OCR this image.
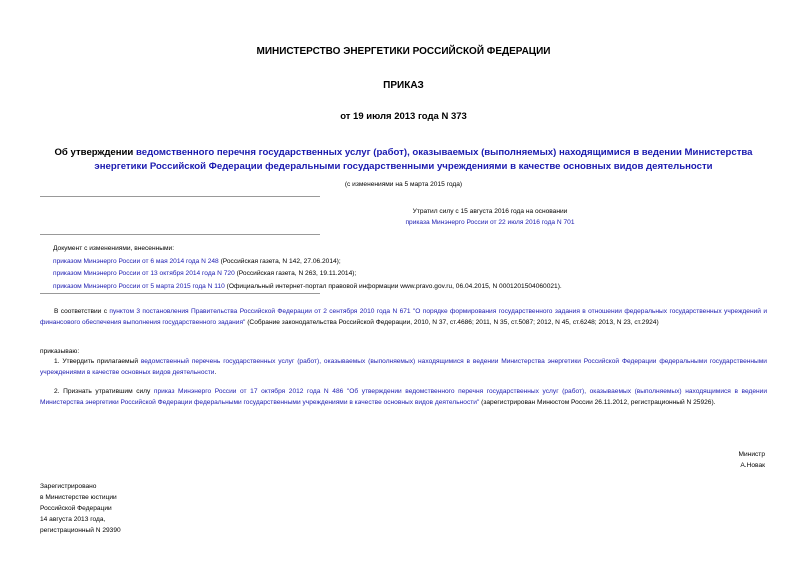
МИНИСТЕРСТВО ЭНЕРГЕТИКИ РОССИЙСКОЙ ФЕДЕРАЦИИ
ПРИКАЗ
от 19 июля 2013 года N 373
Об утверждении ведомственного перечня государственных услуг (работ), оказываемых (выполняемых) находящимися в ведении Министерства энергетики Российской Федерации федеральными государственными учреждениями в качестве основных видов деятельности
(с изменениями на 5 марта 2015 года)
Утратил силу с 15 августа 2016 года на основании
приказа Минэнерго России от 22 июля 2016 года N 701
Документ с изменениями, внесенными:
приказом Минэнерго России от 6 мая 2014 года N 248 (Российская газета, N 142, 27.06.2014);
приказом Минэнерго России от 13 октября 2014 года N 720 (Российская газета, N 263, 19.11.2014);
приказом Минэнерго России от 5 марта 2015 года N 110 (Официальный интернет-портал правовой информации www.pravo.gov.ru, 06.04.2015, N 0001201504060021).
В соответствии с пунктом 3 постановления Правительства Российской Федерации от 2 сентября 2010 года N 671 "О порядке формирования государственного задания в отношении федеральных государственных учреждений и финансового обеспечения выполнения государственного задания" (Собрание законодательства Российской Федерации, 2010, N 37, ст.4686; 2011, N 35, ст.5087; 2012, N 45, ст.6248; 2013, N 23, ст.2924)
приказываю:
1. Утвердить прилагаемый ведомственный перечень государственных услуг (работ), оказываемых (выполняемых) находящимися в ведении Министерства энергетики Российской Федерации федеральными государственными учреждениями в качестве основных видов деятельности.
2. Признать утратившим силу приказ Минэнерго России от 17 октября 2012 года N 486 "Об утверждении ведомственного перечня государственных услуг (работ), оказываемых (выполняемых) находящимися в ведении Министерства энергетики Российской Федерации федеральными государственными учреждениями в качестве основных видов деятельности" (зарегистрирован Минюстом России 26.11.2012, регистрационный N 25926).
Министр
А.Новак
Зарегистрировано
в Министерстве юстиции
Российской Федерации
14 августа 2013 года,
регистрационный N 29390
